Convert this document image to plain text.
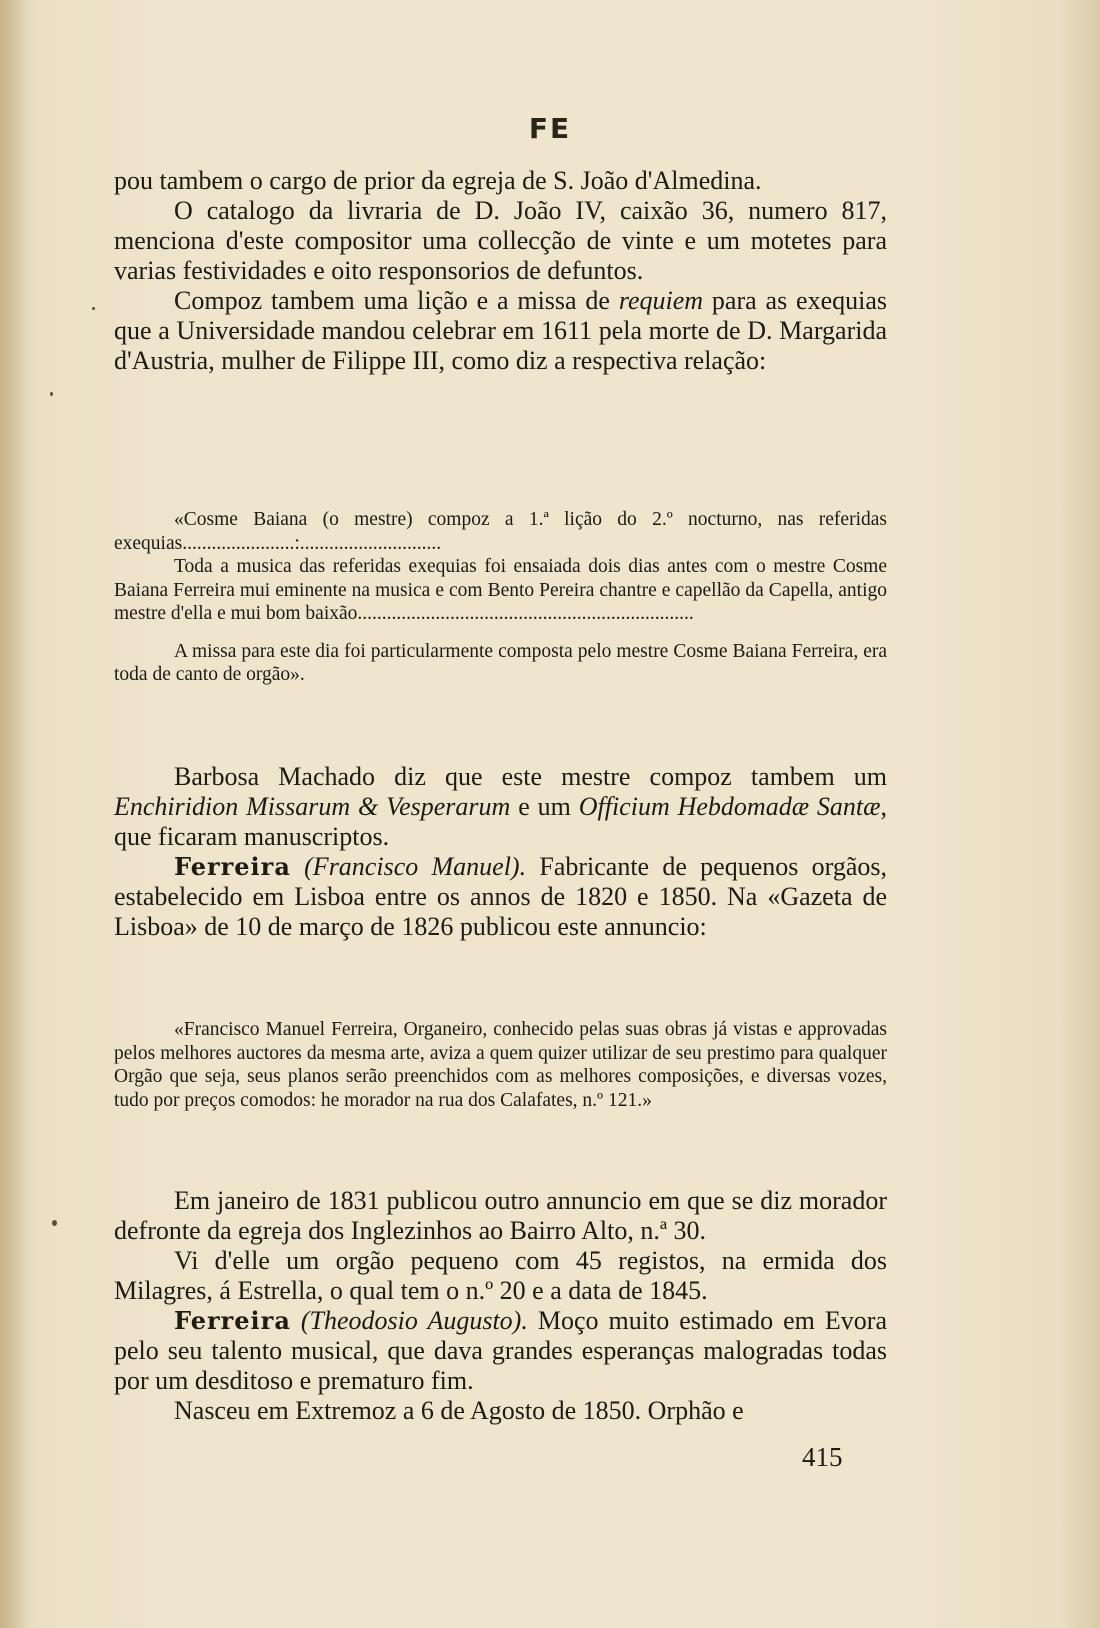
FE

pou tambem o cargo de prior da egreja de S. João d'Almedina.

O catalogo da livraria de D. João IV, caixão 36, numero 817, menciona d'este compositor uma collecção de vinte e um motetes para varias festividades e oito responsorios de defuntos.

Compoz tambem uma lição e a missa de requiem para as exequias que a Universidade mandou celebrar em 1611 pela morte de D. Margarida d'Austria, mulher de Filippe III, como diz a respectiva relação:

«Cosme Baiana (o mestre) compoz a 1.ª lição do 2.º nocturno, nas referidas exequias.......................:.............................

Toda a musica das referidas exequias foi ensaiada dois dias antes com o mestre Cosme Baiana Ferreira mui eminente na musica e com Bento Pereira chantre e capellão da Capella, antigo mestre d'ella e mui bom baixão.....................................................................

A missa para este dia foi particularmente composta pelo mestre Cosme Baiana Ferreira, era toda de canto de orgão».

Barbosa Machado diz que este mestre compoz tambem um Enchiridion Missarum & Vesperarum e um Officium Hebdomadæ Santæ, que ficaram manuscriptos.

Ferreira (Francisco Manuel). Fabricante de pequenos orgãos, estabelecido em Lisboa entre os annos de 1820 e 1850. Na «Gazeta de Lisboa» de 10 de março de 1826 publicou este annuncio:

«Francisco Manuel Ferreira, Organeiro, conhecido pelas suas obras já vistas e approvadas pelos melhores auctores da mesma arte, aviza a quem quizer utilizar de seu prestimo para qualquer Orgão que seja, seus planos serão preenchidos com as melhores composições, e diversas vozes, tudo por preços comodos: he morador na rua dos Calafates, n.º 121.»

Em janeiro de 1831 publicou outro annuncio em que se diz morador defronte da egreja dos Inglezinhos ao Bairro Alto, n.ª 30.

Vi d'elle um orgão pequeno com 45 registos, na ermida dos Milagres, á Estrella, o qual tem o n.º 20 e a data de 1845.

Ferreira (Theodosio Augusto). Moço muito estimado em Evora pelo seu talento musical, que dava grandes esperanças malogradas todas por um desditoso e prematuro fim.

Nasceu em Extremoz a 6 de Agosto de 1850. Orphão e

415
